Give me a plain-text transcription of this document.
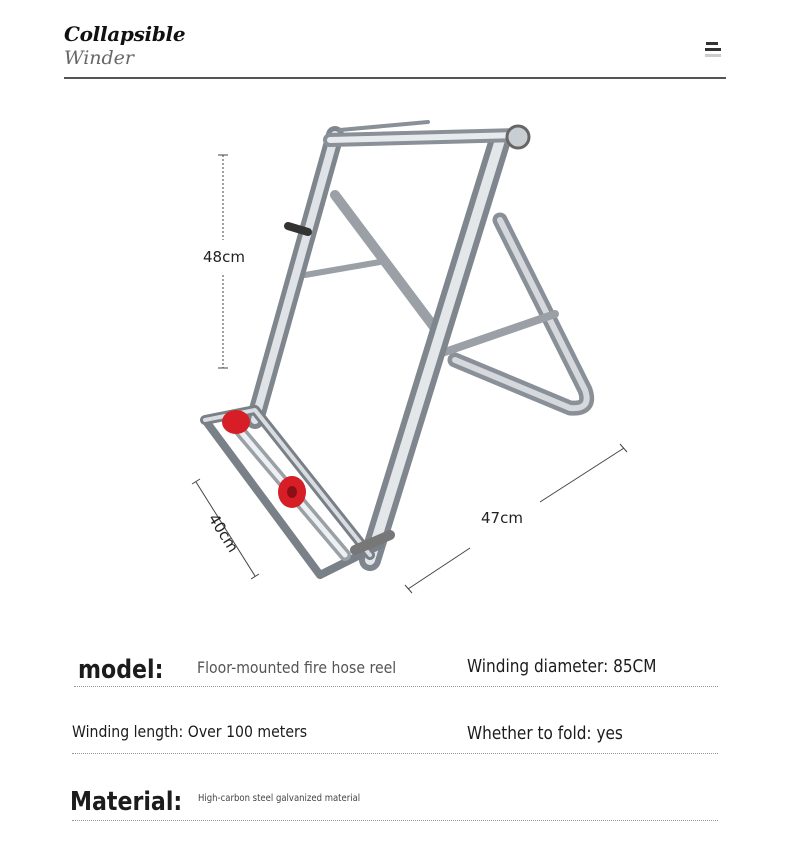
Collapsible
Winder
48cm
40cm	47cm
model: Floor-mounted fire hose reel	Winding diameter: 85CM
Winding length: Over 100 meters	Whether to fold: yes
Material: High-carbon steel galvanized material
